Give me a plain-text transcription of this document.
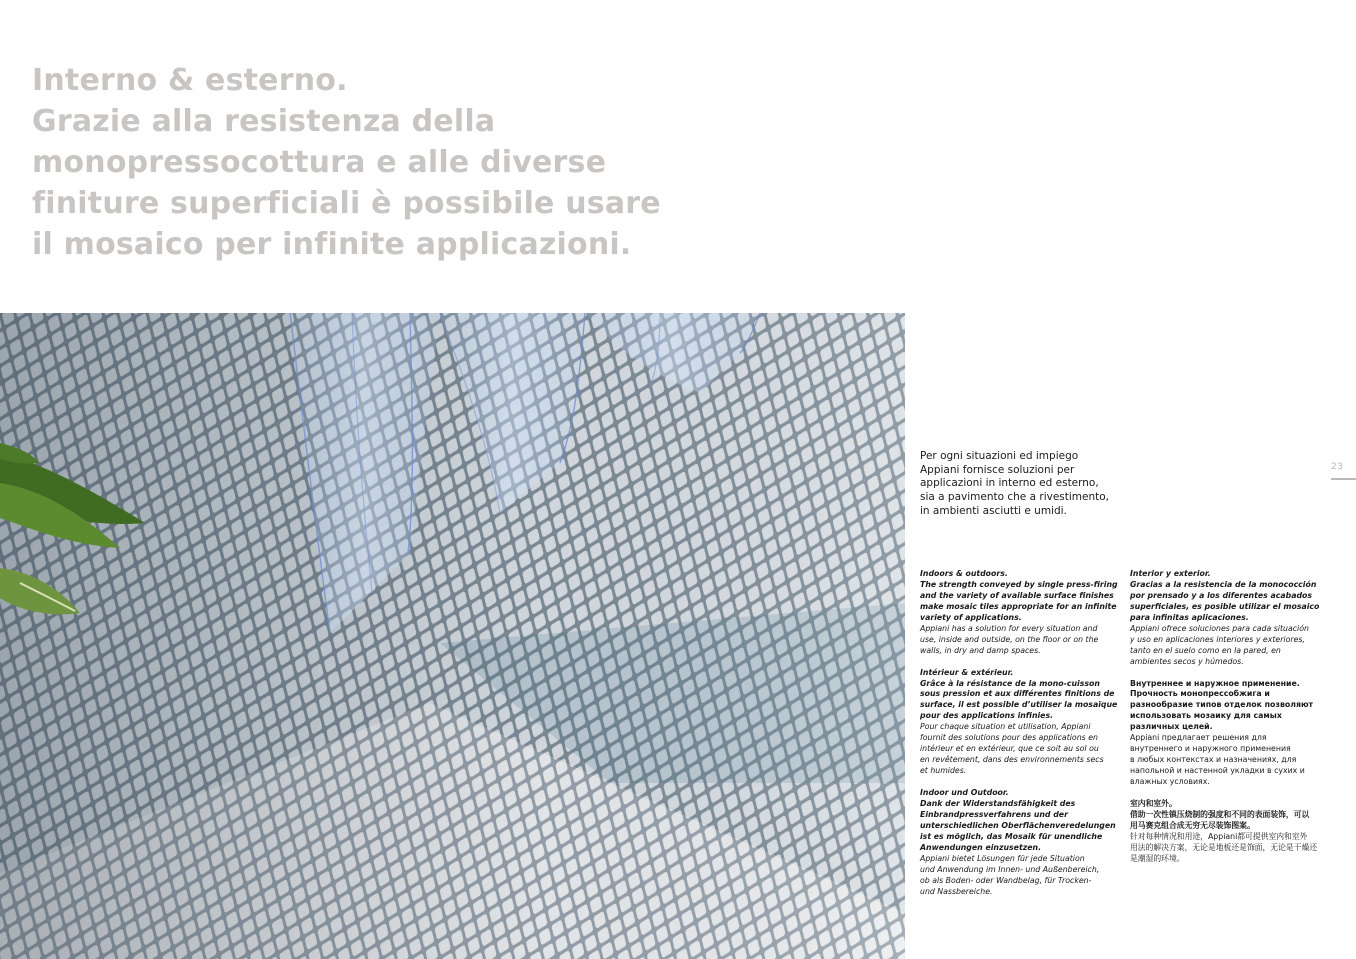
Interno & esterno.
Grazie alla resistenza della
monopressocottura e alle diverse
finiture superficiali è possibile usare
il mosaico per infinite applicazioni.
Per ogni situazioni ed impiego
Appiani fornisce soluzioni per
applicazioni in interno ed esterno,
sia a pavimento che a rivestimento,
in ambienti asciutti e umidi.
23
Indoors & outdoors.
The strength conveyed by single press-firing
and the variety of available surface finishes
make mosaic tiles appropriate for an infinite
variety of applications.
Appiani has a solution for every situation and
use, inside and outside, on the floor or on the
walls, in dry and damp spaces.
Intérieur & extérieur.
Grâce à la résistance de la mono-cuisson
sous pression et aux différentes finitions de
surface, il est possible d’utiliser la mosaïque
pour des applications infinies.
Pour chaque situation et utilisation, Appiani
fournit des solutions pour des applications en
intérieur et en extérieur, que ce soit au sol ou
en revêtement, dans des environnements secs
et humides.
Indoor und Outdoor.
Dank der Widerstandsfähigkeit des
Einbrandpressverfahrens und der
unterschiedlichen Oberflächenveredelungen
ist es möglich, das Mosaik für unendliche
Anwendungen einzusetzen.
Appiani bietet Lösungen für jede Situation
und Anwendung im Innen- und Außenbereich,
ob als Boden- oder Wandbelag, für Trocken-
und Nassbereiche.
Interior y exterior.
Gracias a la resistencia de la monococción
por prensado y a los diferentes acabados
superficiales, es posible utilizar el mosaico
para infinitas aplicaciones.
Appiani ofrece soluciones para cada situación
y uso en aplicaciones interiores y exteriores,
tanto en el suelo como en la pared, en
ambientes secos y húmedos.
Внутреннее и наружное применение.
Прочность монопрессобжига и
разнообразие типов отделок позволяют
использовать мозаику для самых
различных целей.
Appiani предлагает решения для
внутреннего и наружного применения
в любых контекстах и назначениях, для
напольной и настенной укладки в сухих и
влажных условиях.
室内和室外。
借助一次性镇压烧制的强度和不同的表面装饰，可以
用马赛克组合成无穷无尽装饰图案。
针对每种情况和用途，Appiani都可提供室内和室外
用法的解决方案，无论是地板还是饰面，无论是干燥还
是潮湿的环境。
